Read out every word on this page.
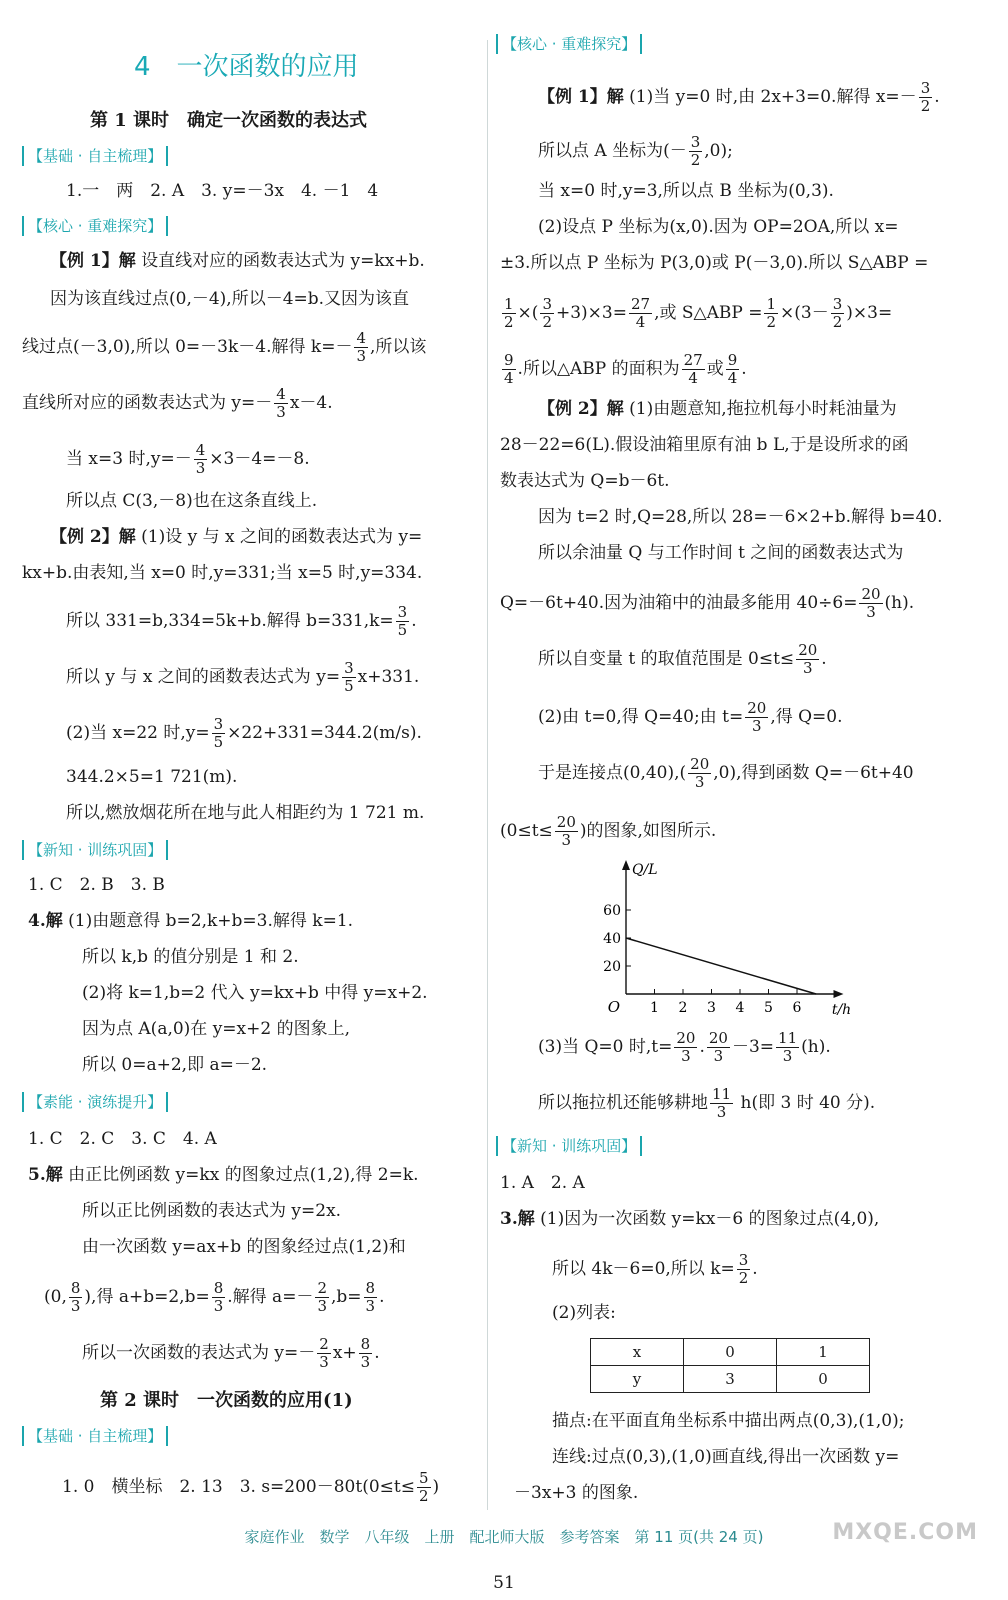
4　一次函数的应用
第 1 课时　确定一次函数的表达式
【基础 · 自主梳理】
1.一　两　2. A　3. y=－3x　4. －1　4
【核心 · 重难探究】
【例 1】解 设直线对应的函数表达式为 y=kx+b.
因为该直线过点(0,－4),所以－4=b.又因为该直
线过点(－3,0),所以 0=－3k－4.解得 $k=- \frac{4}{3}$ ,所以该
直线所对应的函数表达式为 $y=- \frac{4}{3} x-4$.
当 x=3 时$,y=- \frac{4}{3} \times 3-4=-8$.
所以点 C(3,－8)也在这条直线上.
【例 2】解 (1)设 y 与 x 之间的函数表达式为 y=
kx+b.由表知,当 x=0 时,y=331;当 x=5 时,y=334.
所以 331=b,334=5k+b.解得 $b=331,k= \frac{3}{5}$ .
所以 y 与 x 之间的函数表达式为 $y= \frac{3}{5} x+331$.
(2)当 x=22 时$,y= \frac{3}{5} \times 22+331=344.2(m/s)$.
344.2×5=1 721(m).
所以,燃放烟花所在地与此人相距约为 1 721 m.
【新知 · 训练巩固】
1. C　2. B　3. B
4.解 (1)由题意得 b=2,k+b=3.解得 k=1.
所以 k,b 的值分别是 1 和 2.
(2)将 k=1,b=2 代入 y=kx+b 中得 y=x+2.
因为点 A(a,0)在 y=x+2 的图象上,
所以 0=a+2,即 a=－2.
【素能 · 演练提升】
1. C　2. C　3. C　4. A
5.解 由正比例函数 y=kx 的图象过点(1,2),得 2=k.
所以正比例函数的表达式为 y=2x.
由一次函数 y=ax+b 的图象经过点(1,2)和
(0, $\frac{8}{3}$ ),得 $a+b=2,b= \frac{8}{3}$ .解得 $a=- \frac{2}{3} ,b= \frac{8}{3}$ .
所以一次函数的表达式为 $y=- \frac{2}{3} x+ \frac{8}{3}$ .
第 2 课时　一次函数的应用(1)
【基础 · 自主梳理】
1. 0　横坐标　2. 13　3. $s=200-80t(0\le t\le \frac{5}{2}$ )
【核心 · 重难探究】
【例 1】解 (1)当 y=0 时,由 2x+3=0.解得 $x=- \frac{3}{2}$ .
所以点 A 坐标为(－ $\frac{3}{2} ,0$);
当 x=0 时,y=3,所以点 B 坐标为(0,3).
(2)设点 P 坐标为(x,0).因为 OP=2OA,所以 x=
±3.所以点 P 坐标为 P(3,0)或 P(－3,0).所以 S△ABP =
$\frac{1}{2}$ ×( $\frac{3}{2} +3)\times 3= \frac{27}{4}$ ,或 S△ABP = $\frac{1}{2} \times(3- \frac{3}{2} )\times 3=$
$\frac{9}{4}$ .所以△ABP 的面积为 $\frac{27}{4}$ 或 $\frac{9}{4}$ .
【例 2】解 (1)由题意知,拖拉机每小时耗油量为
28－22=6(L).假设油箱里原有油 b L,于是设所求的函
数表达式为 Q=b－6t.
因为 t=2 时,Q=28,所以 28=－6×2+b.解得 b=40.
所以余油量 Q 与工作时间 t 之间的函数表达式为
Q=－6t+40.因为油箱中的油最多能用 $40\div 6= \frac{20}{3} (h)$.
所以自变量 t 的取值范围是 $0\le t\le \frac{20}{3}$ .
(2)由 t=0,得 Q=40;由 $t= \frac{20}{3}$ ,得 Q=0.
于是连接点$(0,40),( \frac{20}{3} ,0)$,得到函数 Q=－6t+40
($0\le t\le \frac{20}{3}$ )的图象,如图所示.
1 2 3 4 5 6
20
40
60
O
Q/L
t/h
(3)当 Q=0 时$,t= \frac{20}{3}$ . $\frac{20}{3} -3= \frac{11}{3} (h)$.
所以拖拉机还能够耕地 $\frac{11}{3} h$(即 3 时 40 分).
【新知 · 训练巩固】
1. A　2. A
3.解 (1)因为一次函数 y=kx－6 的图象过点(4,0),
所以 4k－6=0,所以 $k= \frac{3}{2}$ .
(2)列表:
x	0	1
y	3	0
描点:在平面直角坐标系中描出两点(0,3),(1,0);
连线:过点(0,3),(1,0)画直线,得出一次函数 y=
－3x+3 的图象.
家庭作业　数学　八年级　上册　配北师大版　参考答案　第 11 页(共 24 页)
51
MXQE.COM
